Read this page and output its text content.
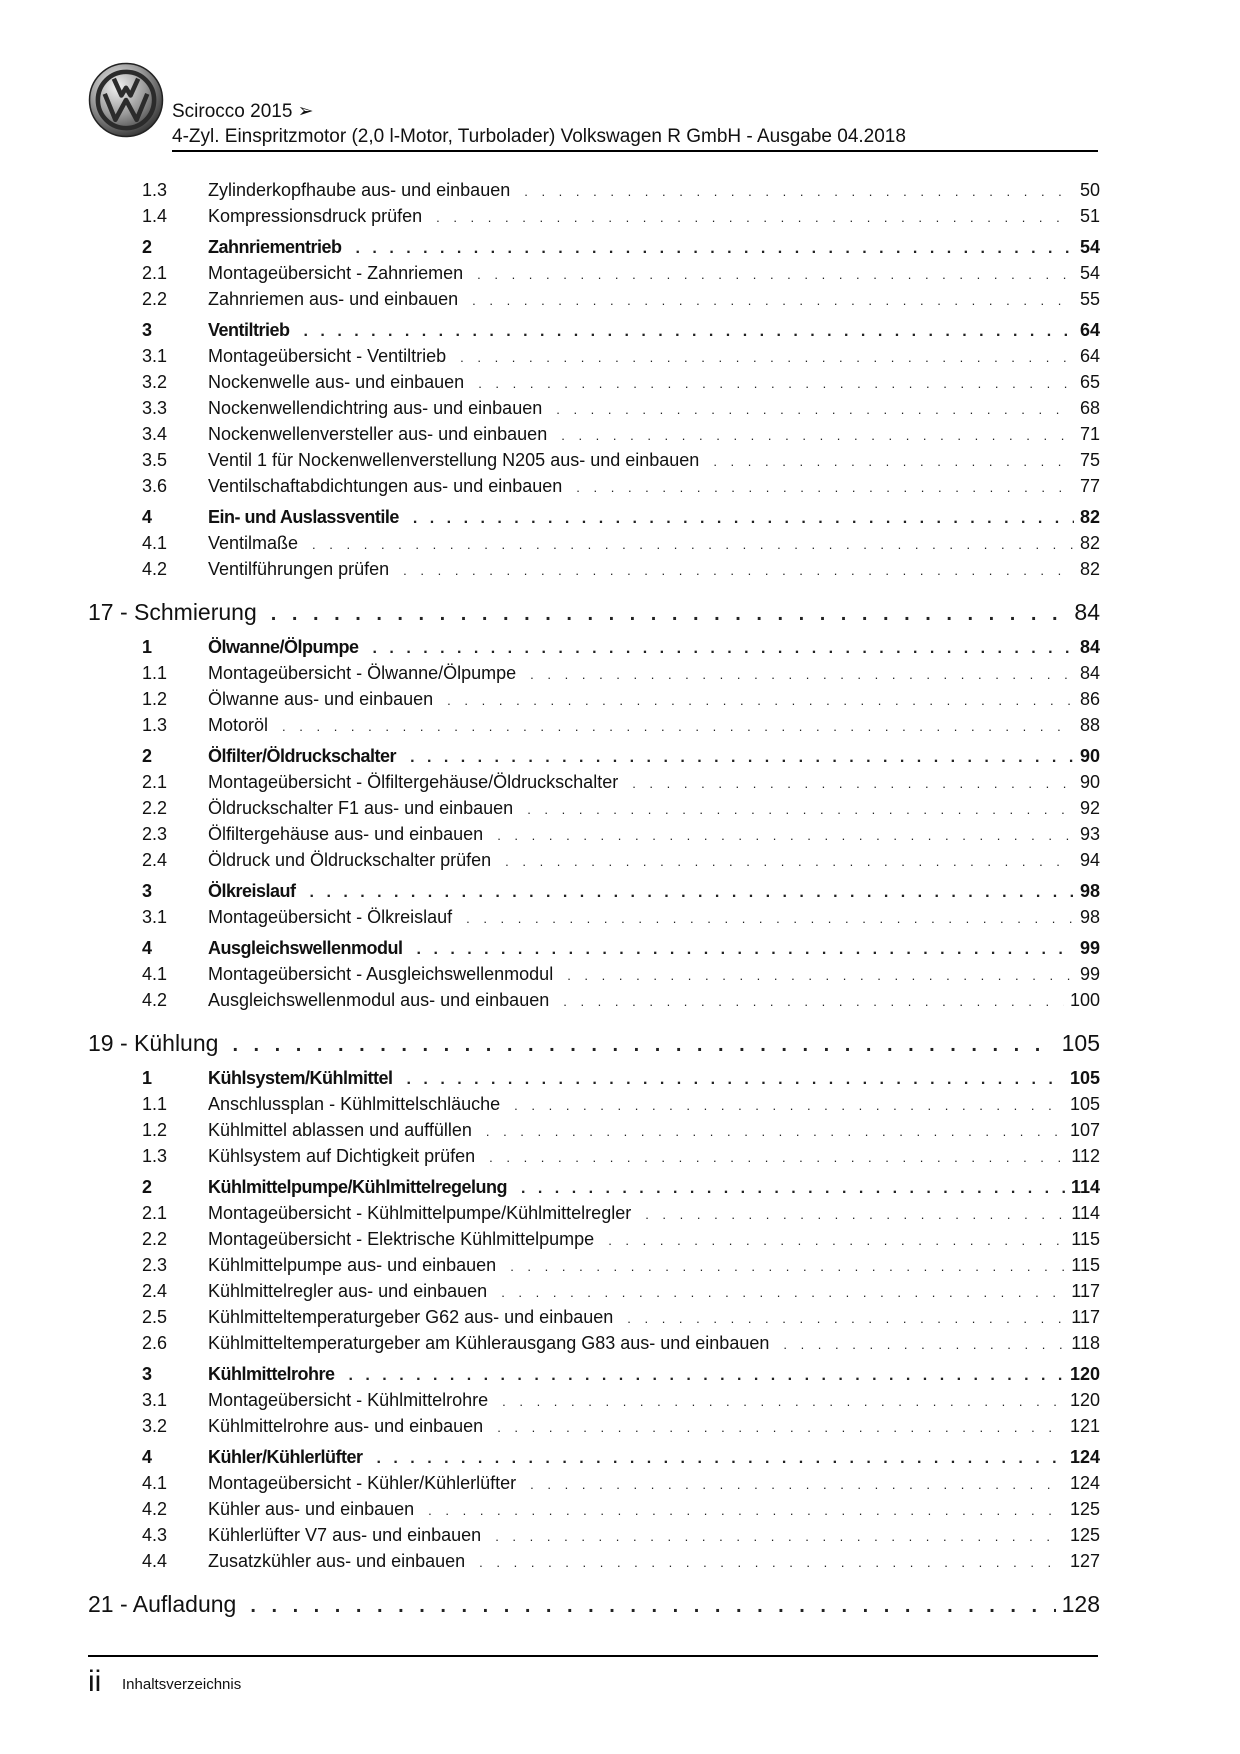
Scirocco 2015 ➢
4-Zyl. Einspritzmotor (2,0 l-Motor, Turbolader) Volkswagen R GmbH - Ausgabe 04.2018
1.3 Zylinderkopfhaube aus- und einbauen . . .	50
1.4 Kompressionsdruck prüfen . . .	51
2	Zahnriementrieb . . .	54
2.1 Montageübersicht - Zahnriemen . . .	54
2.2 Zahnriemen aus- und einbauen . . .	55
3	Ventiltrieb . . .	64
3.1 Montageübersicht - Ventiltrieb . . .	64
3.2 Nockenwelle aus- und einbauen . . .	65
3.3 Nockenwellendichtring aus- und einbauen . . .	68
3.4 Nockenwellenversteller aus- und einbauen . . .	71
3.5 Ventil 1 für Nockenwellenverstellung N205 aus- und einbauen . . .	75
3.6 Ventilschaftabdichtungen aus- und einbauen . . .	77
4	Ein- und Auslassventile . . .	82
4.1 Ventilmaße . . .	82
4.2 Ventilführungen prüfen . . .	82
17 - Schmierung . . .	84
1	Ölwanne/Ölpumpe . . .	84
1.1 Montageübersicht - Ölwanne/Ölpumpe . . .	84
1.2 Ölwanne aus- und einbauen . . .	86
1.3 Motoröl . . .	88
2	Ölfilter/Öldruckschalter . . .	90
2.1 Montageübersicht - Ölfiltergehäuse/Öldruckschalter . . .	90
2.2 Öldruckschalter F1 aus- und einbauen . . .	92
2.3 Ölfiltergehäuse aus- und einbauen . . .	93
2.4 Öldruck und Öldruckschalter prüfen . . .	94
3	Ölkreislauf . . .	98
3.1 Montageübersicht - Ölkreislauf . . .	98
4	Ausgleichswellenmodul . . .	99
4.1 Montageübersicht - Ausgleichswellenmodul . . .	99
4.2 Ausgleichswellenmodul aus- und einbauen . . .	100
19 - Kühlung . . .	105
1	Kühlsystem/Kühlmittel . . .	105
1.1 Anschlussplan - Kühlmittelschläuche . . .	105
1.2 Kühlmittel ablassen und auffüllen . . .	107
1.3 Kühlsystem auf Dichtigkeit prüfen . . .	112
2	Kühlmittelpumpe/Kühlmittelregelung . . .	114
2.1 Montageübersicht - Kühlmittelpumpe/Kühlmittelregler . . .	114
2.2 Montageübersicht - Elektrische Kühlmittelpumpe . . .	115
2.3 Kühlmittelpumpe aus- und einbauen . . .	115
2.4 Kühlmittelregler aus- und einbauen . . .	117
2.5 Kühlmitteltemperaturgeber G62 aus- und einbauen . . .	117
2.6 Kühlmitteltemperaturgeber am Kühlerausgang G83 aus- und einbauen . . .	118
3	Kühlmittelrohre . . .	120
3.1 Montageübersicht - Kühlmittelrohre . . .	120
3.2 Kühlmittelrohre aus- und einbauen . . .	121
4	Kühler/Kühlerlüfter . . .	124
4.1 Montageübersicht - Kühler/Kühlerlüfter . . .	124
4.2 Kühler aus- und einbauen . . .	125
4.3 Kühlerlüfter V7 aus- und einbauen . . .	125
4.4 Zusatzkühler aus- und einbauen . . .	127
21 - Aufladung . . .	128
ii Inhaltsverzeichnis
